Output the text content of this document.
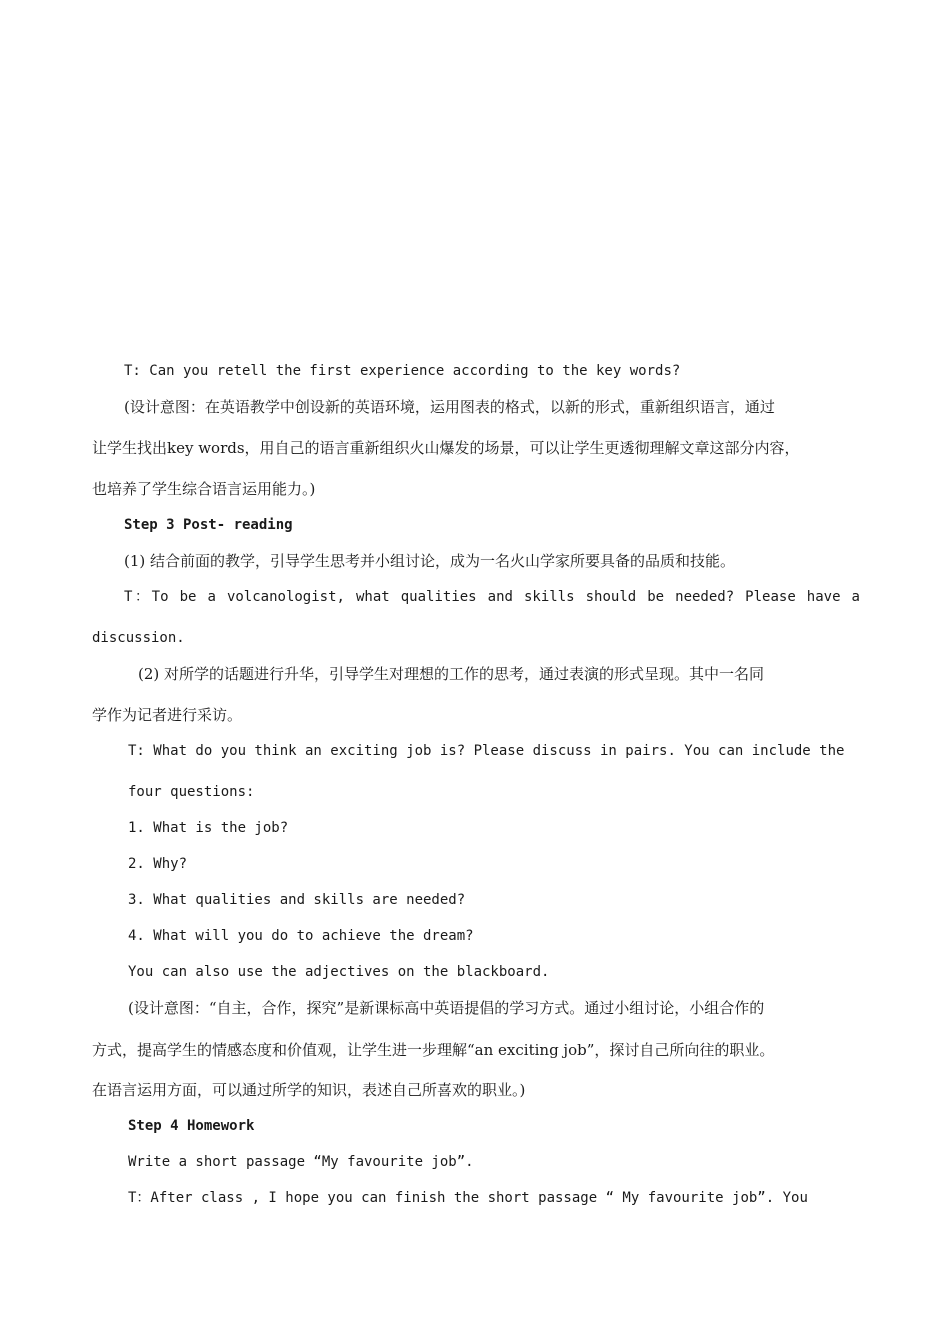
T: Can you retell the first experience according to the key words?
(设计意图：在英语教学中创设新的英语环境，运用图表的格式，以新的形式，重新组织语言，通过
让学生找出key words，用自己的语言重新组织火山爆发的场景，可以让学生更透彻理解文章这部分内容，
也培养了学生综合语言运用能力。)
Step 3 Post- reading
(1) 结合前面的教学，引导学生思考并小组讨论，成为一名火山学家所要具备的品质和技能。
T：To be a volcanologist, what qualities and skills should be needed? Please have a
discussion.
(2) 对所学的话题进行升华，引导学生对理想的工作的思考，通过表演的形式呈现。其中一名同
学作为记者进行采访。
T: What do you think an exciting job is? Please discuss in pairs. You can include the
four questions:
1. What is the job?
2. Why?
3. What qualities and skills are needed?
4. What will you do to achieve the dream?
You can also use the adjectives on the blackboard.
(设计意图：“自主，合作，探究”是新课标高中英语提倡的学习方式。通过小组讨论，小组合作的
方式，提高学生的情感态度和价值观，让学生进一步理解“an exciting job”，探讨自己所向往的职业。
在语言运用方面，可以通过所学的知识，表述自己所喜欢的职业。)
Step 4 Homework
Write a short passage “My favourite job”.
T：After class , I hope you can finish the short passage “ My favourite job”. You
